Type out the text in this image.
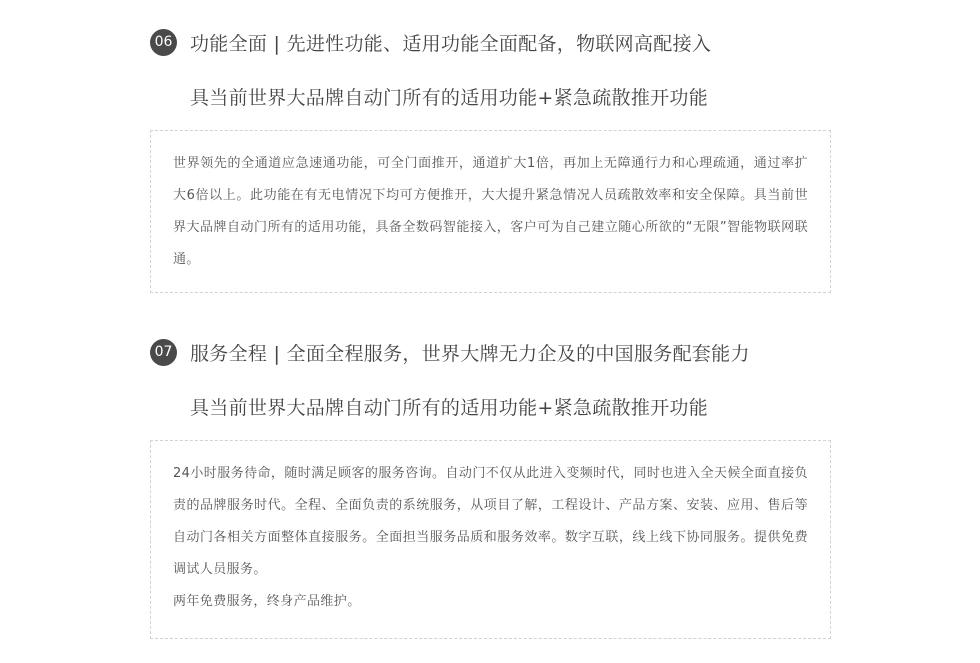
06 功能全面 | 先进性功能、适用功能全面配备，物联网高配接入
具当前世界大品牌自动门所有的适用功能+紧急疏散推开功能

世界领先的全通道应急速通功能，可全门面推开，通道扩大1倍，再加上无障通行力和心理疏通，通过率扩大6倍以上。此功能在有无电情况下均可方便推开，大大提升紧急情况人员疏散效率和安全保障。具当前世界大品牌自动门所有的适用功能，具备全数码智能接入，客户可为自己建立随心所欲的“无限”智能物联网联通。

07 服务全程 | 全面全程服务，世界大牌无力企及的中国服务配套能力
具当前世界大品牌自动门所有的适用功能+紧急疏散推开功能

24小时服务待命，随时满足顾客的服务咨询。自动门不仅从此进入变频时代，同时也进入全天候全面直接负责的品牌服务时代。全程、全面负责的系统服务，从项目了解，工程设计、产品方案、安装、应用、售后等自动门各相关方面整体直接服务。全面担当服务品质和服务效率。数字互联，线上线下协同服务。提供免费调试人员服务。

两年免费服务，终身产品维护。
